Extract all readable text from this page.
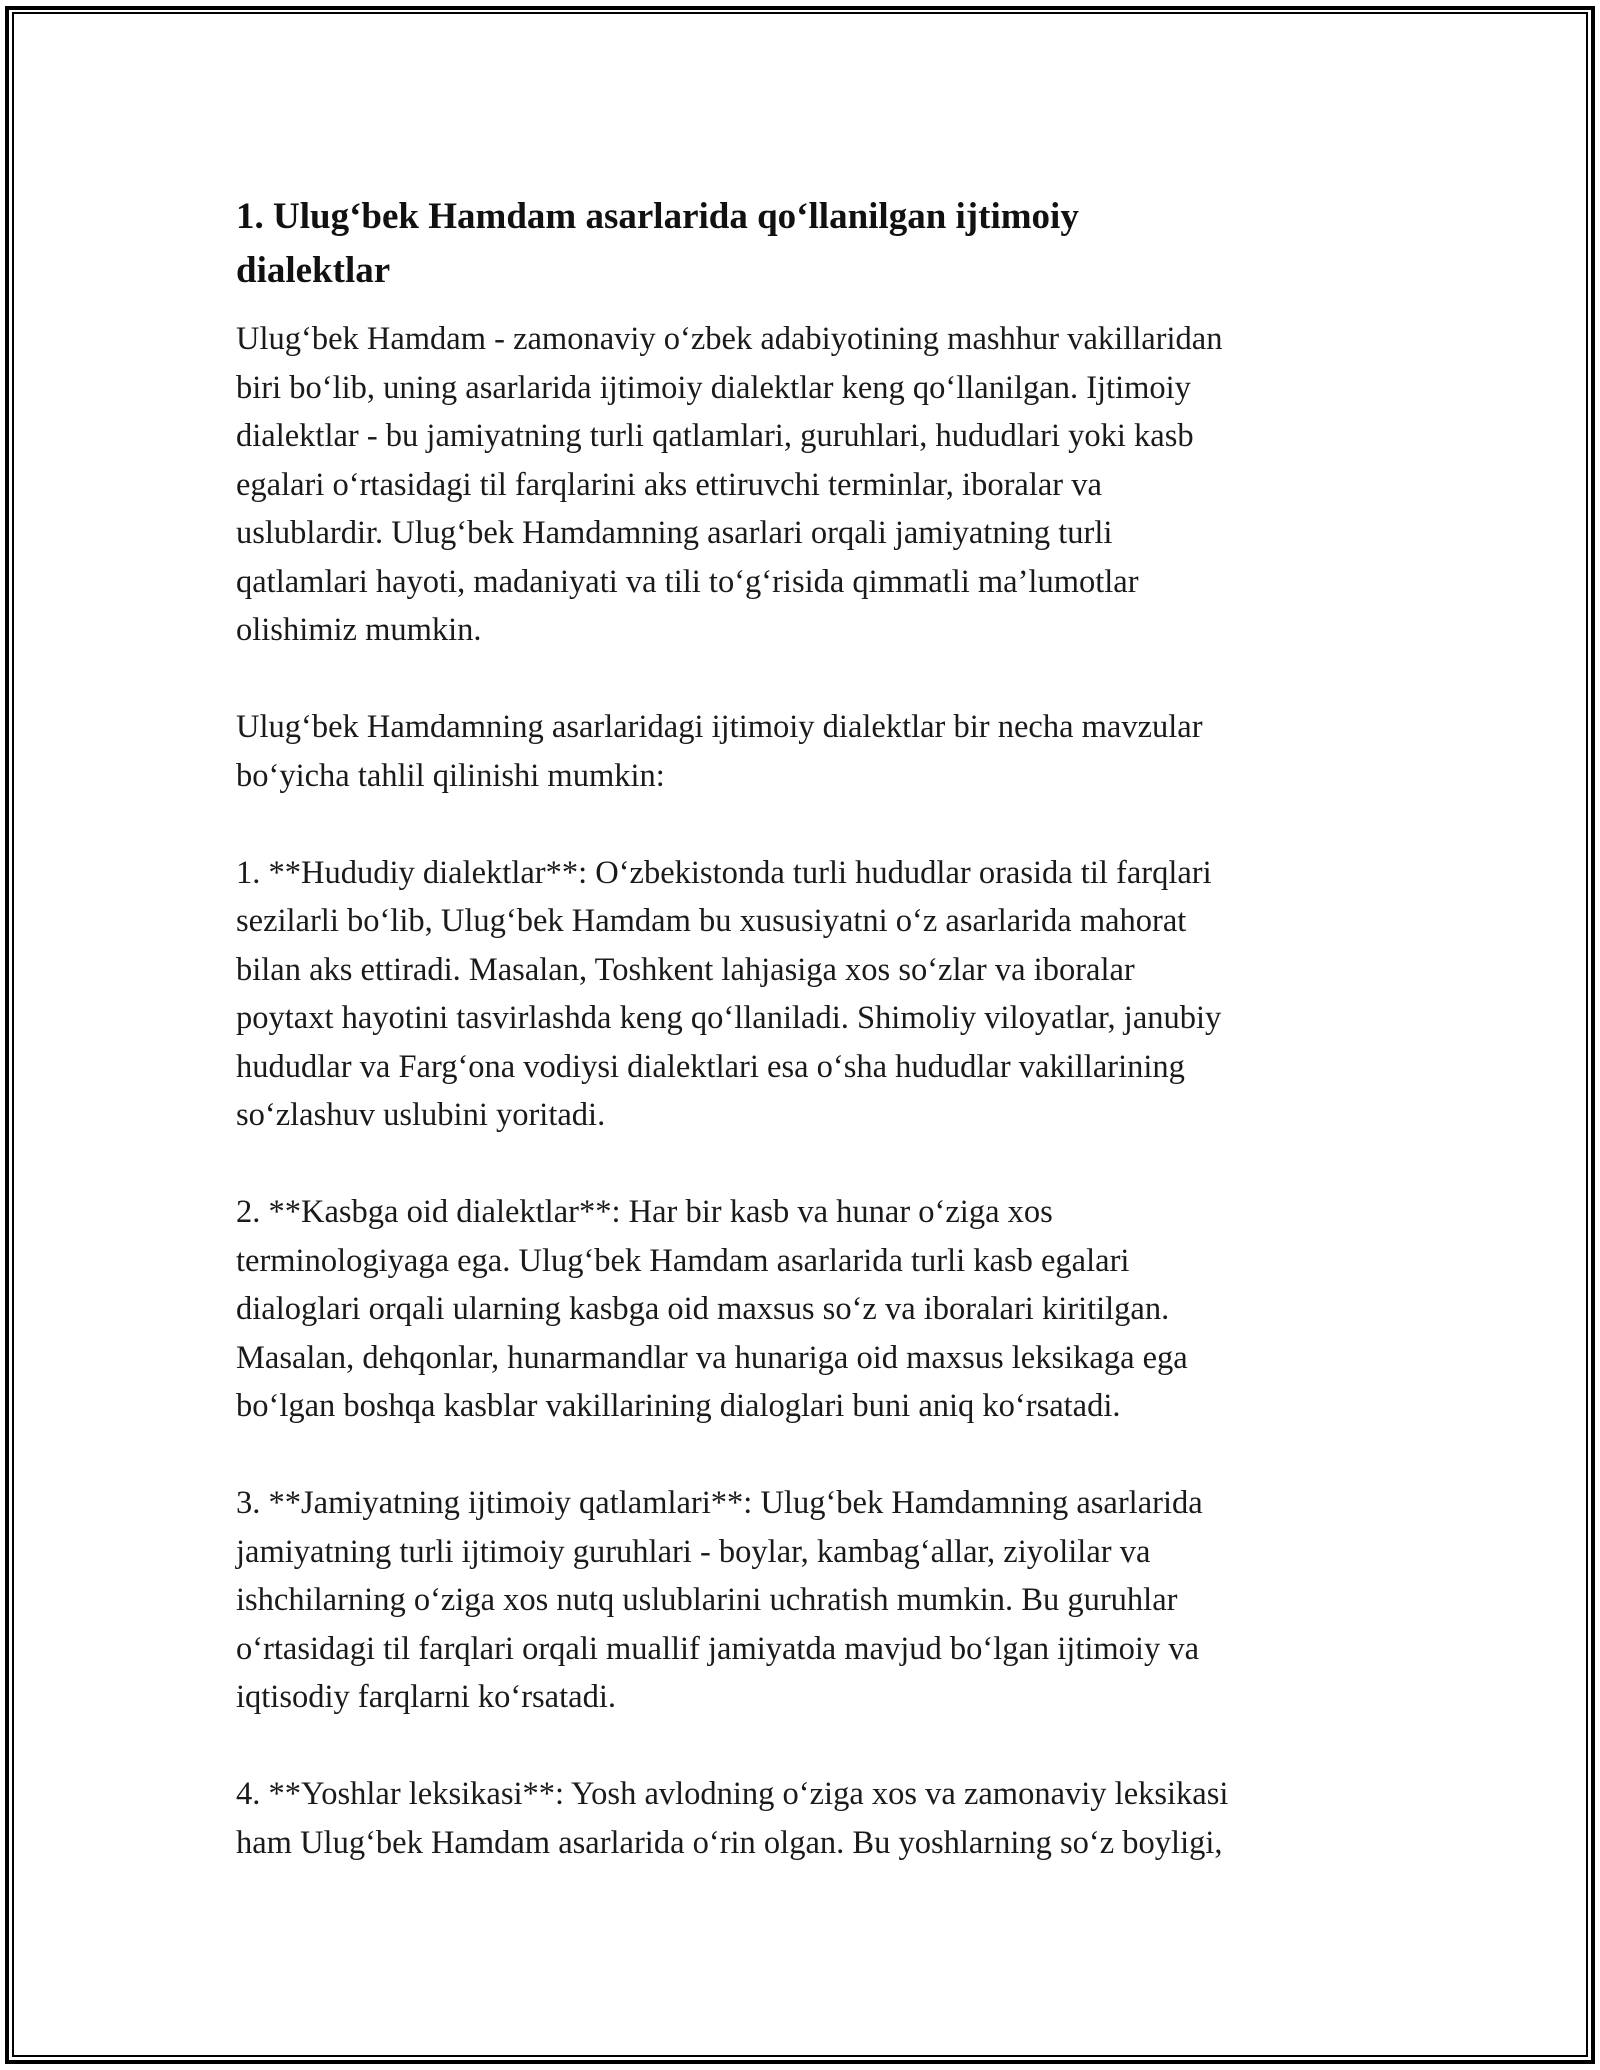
1. Ulug‘bek Hamdam asarlarida qo‘llanilgan ijtimoiy
dialektlar

Ulug‘bek Hamdam - zamonaviy o‘zbek adabiyotining mashhur vakillaridan
biri bo‘lib, uning asarlarida ijtimoiy dialektlar keng qo‘llanilgan. Ijtimoiy
dialektlar - bu jamiyatning turli qatlamlari, guruhlari, hududlari yoki kasb
egalari o‘rtasidagi til farqlarini aks ettiruvchi terminlar, iboralar va
uslublardir. Ulug‘bek Hamdamning asarlari orqali jamiyatning turli
qatlamlari hayoti, madaniyati va tili to‘g‘risida qimmatli ma’lumotlar
olishimiz mumkin.

Ulug‘bek Hamdamning asarlaridagi ijtimoiy dialektlar bir necha mavzular
bo‘yicha tahlil qilinishi mumkin:

1. **Hududiy dialektlar**: O‘zbekistonda turli hududlar orasida til farqlari
sezilarli bo‘lib, Ulug‘bek Hamdam bu xususiyatni o‘z asarlarida mahorat
bilan aks ettiradi. Masalan, Toshkent lahjasiga xos so‘zlar va iboralar
poytaxt hayotini tasvirlashda keng qo‘llaniladi. Shimoliy viloyatlar, janubiy
hududlar va Farg‘ona vodiysi dialektlari esa o‘sha hududlar vakillarining
so‘zlashuv uslubini yoritadi.

2. **Kasbga oid dialektlar**: Har bir kasb va hunar o‘ziga xos
terminologiyaga ega. Ulug‘bek Hamdam asarlarida turli kasb egalari
dialoglari orqali ularning kasbga oid maxsus so‘z va iboralari kiritilgan.
Masalan, dehqonlar, hunarmandlar va hunariga oid maxsus leksikaga ega
bo‘lgan boshqa kasblar vakillarining dialoglari buni aniq ko‘rsatadi.

3. **Jamiyatning ijtimoiy qatlamlari**: Ulug‘bek Hamdamning asarlarida
jamiyatning turli ijtimoiy guruhlari - boylar, kambag‘allar, ziyolilar va
ishchilarning o‘ziga xos nutq uslublarini uchratish mumkin. Bu guruhlar
o‘rtasidagi til farqlari orqali muallif jamiyatda mavjud bo‘lgan ijtimoiy va
iqtisodiy farqlarni ko‘rsatadi.

4. **Yoshlar leksikasi**: Yosh avlodning o‘ziga xos va zamonaviy leksikasi
ham Ulug‘bek Hamdam asarlarida o‘rin olgan. Bu yoshlarning so‘z boyligi,
